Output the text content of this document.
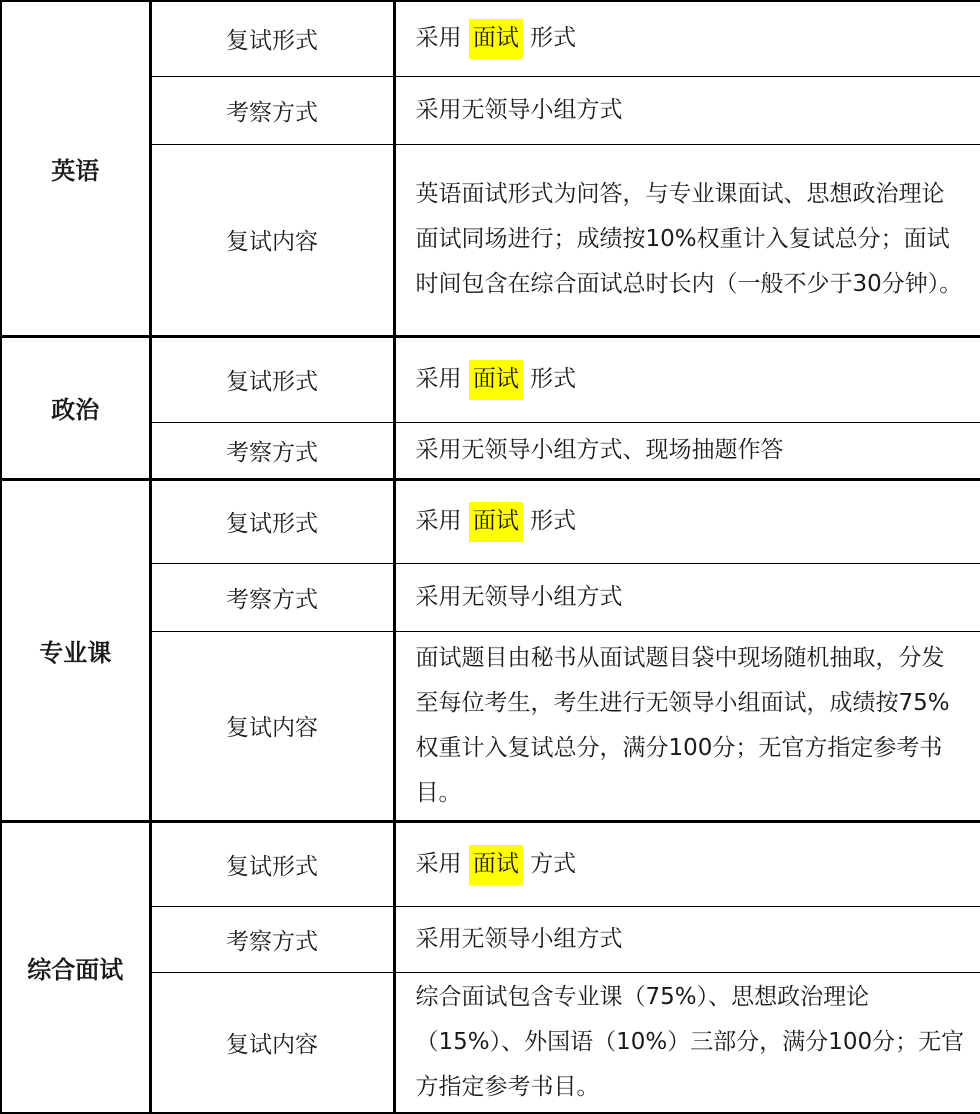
英语	复试形式	采用 面试 形式
	考察方式	采用无领导小组方式
	复试内容	英语面试形式为问答，与专业课面试、思想政治理论面试同场进行；成绩按10%权重计入复试总分；面试时间包含在综合面试总时长内（一般不少于30分钟）。
政治	复试形式	采用 面试 形式
	考察方式	采用无领导小组方式、现场抽题作答
专业课	复试形式	采用 面试 形式
	考察方式	采用无领导小组方式
	复试内容	面试题目由秘书从面试题目袋中现场随机抽取，分发至每位考生，考生进行无领导小组面试，成绩按75%权重计入复试总分，满分100分；无官方指定参考书目。
综合面试	复试形式	采用 面试 方式
	考察方式	采用无领导小组方式
	复试内容	综合面试包含专业课（75%）、思想政治理论（15%）、外国语（10%）三部分，满分100分；无官方指定参考书目。
